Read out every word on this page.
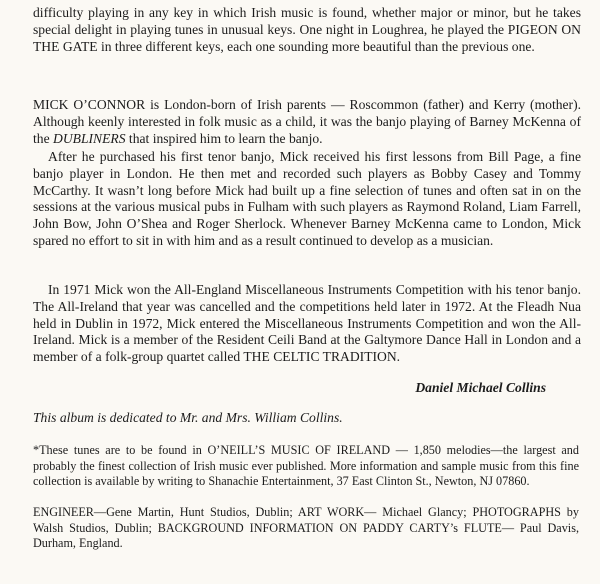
difficulty playing in any key in which Irish music is found, whether major or minor, but he takes special delight in playing tunes in unusual keys. One night in Loughrea, he played the PIGEON ON THE GATE in three different keys, each one sounding more beautiful than the previous one.

MICK O’CONNOR is London-born of Irish parents — Roscommon (father) and Kerry (mother). Although keenly interested in folk music as a child, it was the banjo playing of Barney McKenna of the DUBLINERS that inspired him to learn the banjo.

After he purchased his first tenor banjo, Mick received his first lessons from Bill Page, a fine banjo player in London. He then met and recorded such players as Bobby Casey and Tommy McCarthy. It wasn’t long before Mick had built up a fine selection of tunes and often sat in on the sessions at the various musical pubs in Fulham with such players as Raymond Roland, Liam Farrell, John Bow, John O’Shea and Roger Sherlock. Whenever Barney McKenna came to London, Mick spared no effort to sit in with him and as a result continued to develop as a musician.

In 1971 Mick won the All-England Miscellaneous Instruments Competition with his tenor banjo. The All-Ireland that year was cancelled and the competitions held later in 1972. At the Fleadh Nua held in Dublin in 1972, Mick entered the Miscellaneous Instruments Competition and won the All-Ireland. Mick is a member of the Resident Ceili Band at the Galtymore Dance Hall in London and a member of a folk-group quartet called THE CELTIC TRADITION.

Daniel Michael Collins
This album is dedicated to Mr. and Mrs. William Collins.

*These tunes are to be found in O’NEILL’S MUSIC OF IRELAND — 1,850 melodies—the largest and probably the finest collection of Irish music ever published. More information and sample music from this fine collection is available by writing to Shanachie Entertainment, 37 East Clinton St., Newton, NJ 07860.

ENGINEER—Gene Martin, Hunt Studios, Dublin; ART WORK— Michael Glancy; PHOTOGRAPHS by Walsh Studios, Dublin; BACKGROUND INFORMATION ON PADDY CARTY’s FLUTE— Paul Davis, Durham, England.
